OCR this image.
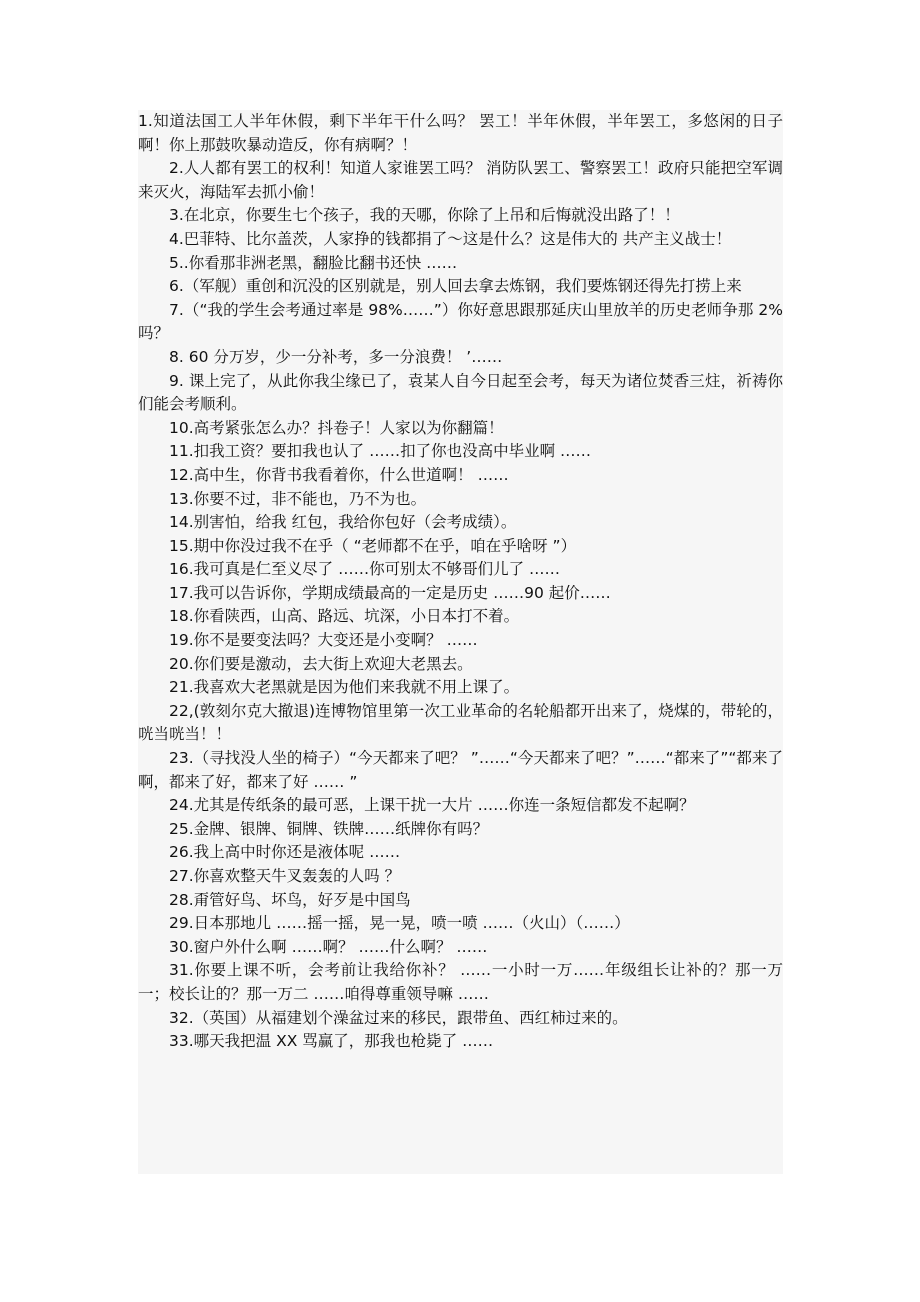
1.知道法国工人半年休假，剩下半年干什么吗？ 罢工！半年休假，半年罢工，多悠闲的日子啊！你上那鼓吹暴动造反，你有病啊？！
2.人人都有罢工的权利！知道人家谁罢工吗？ 消防队罢工、警察罢工！政府只能把空军调来灭火，海陆军去抓小偷！
3.在北京，你要生七个孩子，我的天哪，你除了上吊和后悔就没出路了！！
4.巴菲特、比尔盖茨，人家挣的钱都捐了～这是什么？这是伟大的 共产主义战士！
5..你看那非洲老黑，翻脸比翻书还快 ……
6.（军舰）重创和沉没的区别就是，别人回去拿去炼钢，我们要炼钢还得先打捞上来
7.（“我的学生会考通过率是 98%……”）你好意思跟那延庆山里放羊的历史老师争那 2%吗？
8. 60 分万岁，少一分补考，多一分浪费！ ’……
9. 课上完了，从此你我尘缘已了，袁某人自今日起至会考，每天为诸位焚香三炷，祈祷你们能会考顺利。
10.高考紧张怎么办？抖卷子！人家以为你翻篇！
11.扣我工资？要扣我也认了 ……扣了你也没高中毕业啊 ……
12.高中生，你背书我看着你，什么世道啊！ ……
13.你要不过，非不能也，乃不为也。
14.别害怕，给我 红包，我给你包好（会考成绩）。
15.期中你没过我不在乎（ “老师都不在乎，咱在乎啥呀 ”）
16.我可真是仁至义尽了 ……你可别太不够哥们儿了 ……
17.我可以告诉你，学期成绩最高的一定是历史 ……90 起价……
18.你看陕西，山高、路远、坑深，小日本打不着。
19.你不是要变法吗？大变还是小变啊？ ……
20.你们要是激动，去大街上欢迎大老黑去。
21.我喜欢大老黑就是因为他们来我就不用上课了。
22,(敦刻尔克大撤退)连博物馆里第一次工业革命的名轮船都开出来了，烧煤的，带轮的，咣当咣当！！
23.（寻找没人坐的椅子）“今天都来了吧？ ”……“今天都来了吧？”……“都来了”“都来了啊，都来了好，都来了好 …… ”
24.尤其是传纸条的最可恶，上课干扰一大片 ……你连一条短信都发不起啊？
25.金牌、银牌、铜牌、铁牌……纸牌你有吗？
26.我上高中时你还是液体呢 ……
27.你喜欢整天牛叉轰轰的人吗 ？
28.甭管好鸟、坏鸟，好歹是中国鸟
29.日本那地儿 ……摇一摇，晃一晃，喷一喷 ……（火山）（……）
30.窗户外什么啊 ……啊？ ……什么啊？ ……
31.你要上课不听，会考前让我给你补？ ……一小时一万……年级组长让补的？那一万一；校长让的？那一万二 ……咱得尊重领导嘛 ……
32.（英国）从福建划个澡盆过来的移民，跟带鱼、西红柿过来的。
33.哪天我把温 XX 骂赢了，那我也枪毙了 ……
